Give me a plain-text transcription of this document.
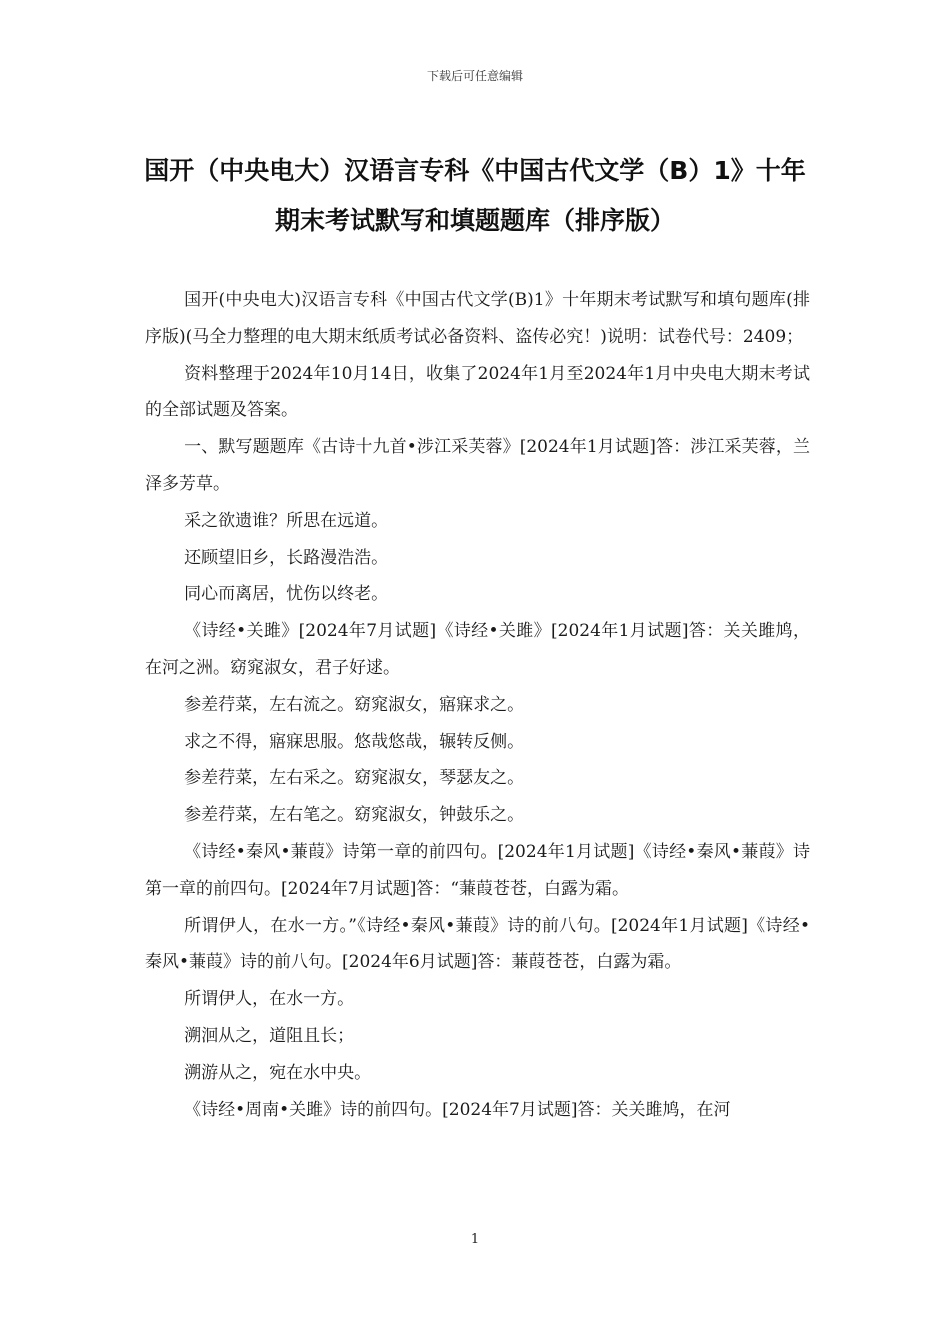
下载后可任意编辑
国开（中央电大）汉语言专科《中国古代文学（B）1》十年期末考试默写和填题题库（排序版）

国开(中央电大)汉语言专科《中国古代文学(B)1》十年期末考试默写和填句题库(排序版)(马全力整理的电大期末纸质考试必备资料、盗传必究！)说明：试卷代号：2409；

资料整理于2024年10月14日，收集了2024年1月至2024年1月中央电大期末考试的全部试题及答案。

一、默写题题库《古诗十九首•涉江采芙蓉》[2024年1月试题]答：涉江采芙蓉，兰泽多芳草。

采之欲遗谁？所思在远道。

还顾望旧乡，长路漫浩浩。

同心而离居，忧伤以终老。

《诗经•关雎》[2024年7月试题]《诗经•关雎》[2024年1月试题]答：关关雎鸠，在河之洲。窈窕淑女，君子好逑。

参差荇菜，左右流之。窈窕淑女，寤寐求之。

求之不得，寤寐思服。悠哉悠哉，辗转反侧。

参差荇菜，左右采之。窈窕淑女，琴瑟友之。

参差荇菜，左右笔之。窈窕淑女，钟鼓乐之。

《诗经•秦风•蒹葭》诗第一章的前四句。[2024年1月试题]《诗经•秦风•蒹葭》诗第一章的前四句。[2024年7月试题]答：“蒹葭苍苍，白露为霜。

所谓伊人，在水一方。”《诗经•秦风•蒹葭》诗的前八句。[2024年1月试题]《诗经•秦风•蒹葭》诗的前八句。[2024年6月试题]答：蒹葭苍苍，白露为霜。

所谓伊人，在水一方。

溯洄从之，道阻且长；

溯游从之，宛在水中央。

《诗经•周南•关雎》诗的前四句。[2024年7月试题]答：关关雎鸠，在河

1
